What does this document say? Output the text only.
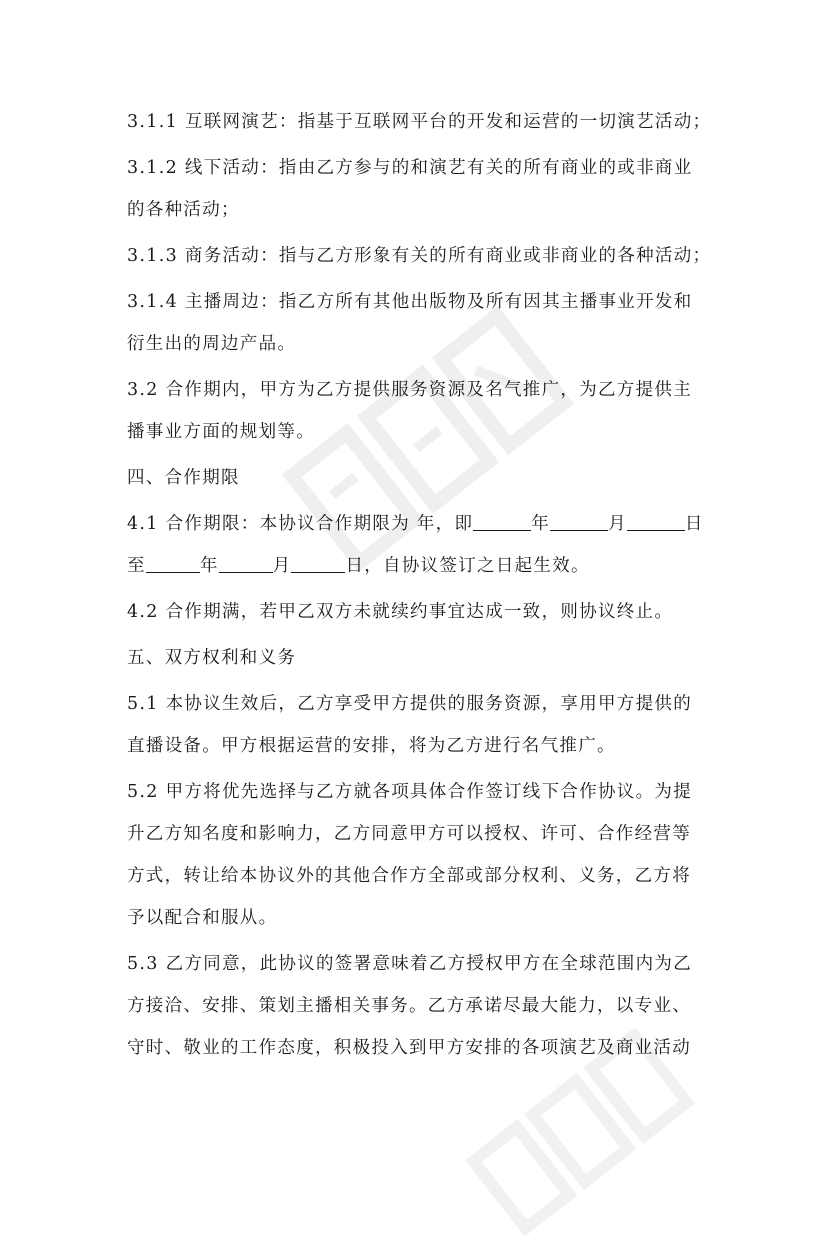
3.1.1 互联网演艺：指基于互联网平台的开发和运营的一切演艺活动；
3.1.2 线下活动：指由乙方参与的和演艺有关的所有商业的或非商业
的各种活动；
3.1.3 商务活动：指与乙方形象有关的所有商业或非商业的各种活动；
3.1.4 主播周边：指乙方所有其他出版物及所有因其主播事业开发和
衍生出的周边产品。
3.2 合作期内，甲方为乙方提供服务资源及名气推广，为乙方提供主
播事业方面的规划等。
四、合作期限
4.1 合作期限：本协议合作期限为 年，即	年	月	日
至	年	月	日，自协议签订之日起生效。
4.2 合作期满，若甲乙双方未就续约事宜达成一致，则协议终止。
五、双方权利和义务
5.1 本协议生效后，乙方享受甲方提供的服务资源，享用甲方提供的
直播设备。甲方根据运营的安排，将为乙方进行名气推广。
5.2 甲方将优先选择与乙方就各项具体合作签订线下合作协议。为提
升乙方知名度和影响力，乙方同意甲方可以授权、许可、合作经营等
方式，转让给本协议外的其他合作方全部或部分权利、义务，乙方将
予以配合和服从。
5.3 乙方同意，此协议的签署意味着乙方授权甲方在全球范围内为乙
方接洽、安排、策划主播相关事务。乙方承诺尽最大能力，以专业、
守时、敬业的工作态度，积极投入到甲方安排的各项演艺及商业活动
